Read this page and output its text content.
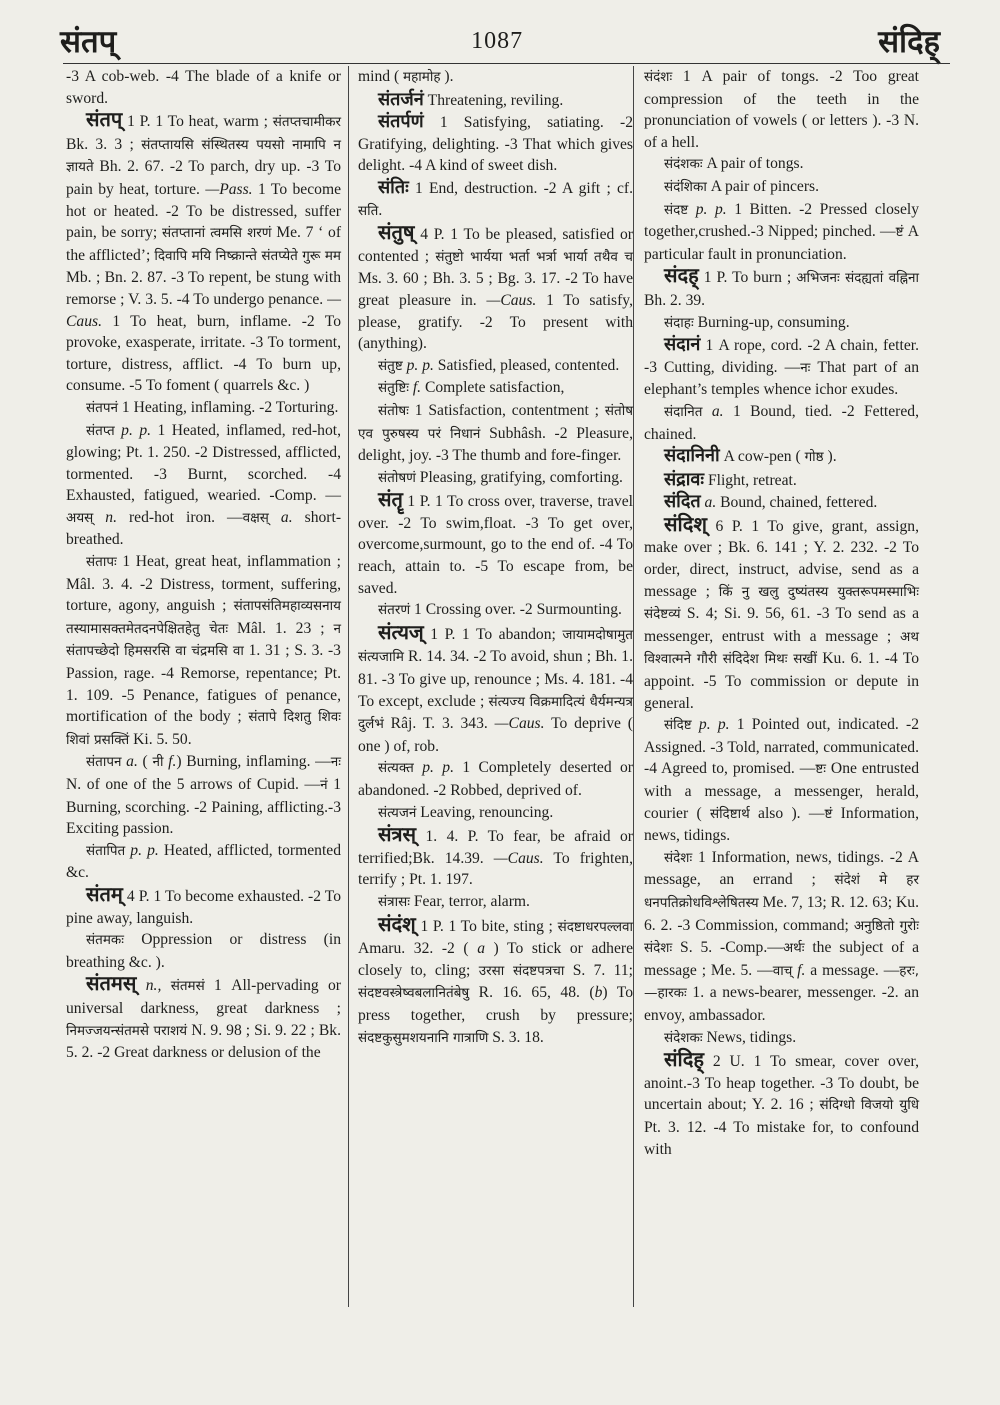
संतप्	1087	संदिह्

-3 A cob-web. -4 The blade of a knife or sword.

संतप् 1 P. 1 To heat, warm ; संतप्तचामीकर Bk. 3. 3 ; संतप्तायसि संस्थितस्य पयसो नामापि न ज्ञायते Bh. 2. 67. -2 To parch, dry up. -3 To pain by heat, torture. —Pass. 1 To become hot or heated. -2 To be distressed, suffer pain, be sorry; संतप्तानां त्वमसि शरणं Me. 7 ‘ of the afflicted’; दिवापि मयि निष्क्रान्ते संतप्येते गुरू मम Mb. ; Bn. 2. 87. -3 To repent, be stung with remorse ; V. 3. 5. -4 To undergo penance. —Caus. 1 To heat, burn, inflame. -2 To provoke, exasperate, irritate. -3 To torment, torture, distress, afflict. -4 To burn up, consume. -5 To foment ( quarrels &c. )

संतपनं 1 Heating, inflaming. -2 Torturing.

संतप्त p. p. 1 Heated, inflamed, red-hot, glowing; Pt. 1. 250. -2 Distressed, afflicted, tormented. -3 Burnt, scorched. -4 Exhausted, fatigued, wearied. -Comp. —अयस् n. red-hot iron. —वक्षस् a. short-breathed.

संतापः 1 Heat, great heat, inflammation ; Mâl. 3. 4. -2 Distress, torment, suffering, torture, agony, anguish ; संतापसंतिमहाव्यसनाय तस्यामासक्तमेतदनपेक्षितहेतु चेतः Mâl. 1. 23 ; न संतापच्छेदो हिमसरसि वा चंद्रमसि वा 1. 31 ; S. 3. -3 Passion, rage. -4 Remorse, repentance; Pt. 1. 109. -5 Penance, fatigues of penance, mortification of the body ; संतापे दिशतु शिवः शिवां प्रसक्तिं Ki. 5. 50.

संतापन a. ( नी f.) Burning, inflaming. —नः N. of one of the 5 arrows of Cupid. —नं 1 Burning, scorching. -2 Paining, afflicting.-3 Exciting passion.

संतापित p. p. Heated, afflicted, tormented &c.

संतम् 4 P. 1 To become exhausted. -2 To pine away, languish.

संतमकः Oppression or distress (in breathing &c. ).

संतमस् n., संतमसं 1 All-pervading or universal darkness, great darkness ; निमज्जयन्संतमसे पराशयं N. 9. 98 ; Si. 9. 22 ; Bk. 5. 2. -2 Great darkness or delusion of the

mind ( महामोह ).

संतर्जनं Threatening, reviling.

संतर्पणं 1 Satisfying, satiating. -2 Gratifying, delighting. -3 That which gives delight. -4 A kind of sweet dish.

संतिः 1 End, destruction. -2 A gift ; cf. सति.

संतुष् 4 P. 1 To be pleased, satisfied or contented ; संतुष्टो भार्यया भर्ता भर्त्रा भार्या तथैव च Ms. 3. 60 ; Bh. 3. 5 ; Bg. 3. 17. -2 To have great pleasure in. —Caus. 1 To satisfy, please, gratify. -2 To present with (anything).

संतुष्ट p. p. Satisfied, pleased, contented.

संतुष्टिः f. Complete satisfaction,

संतोषः 1 Satisfaction, contentment ; संतोष एव पुरुषस्य परं निधानं Subhâsh. -2 Pleasure, delight, joy. -3 The thumb and fore-finger.

संतोषणं Pleasing, gratifying, comforting.

संतॄ 1 P. 1 To cross over, traverse, travel over. -2 To swim,float. -3 To get over, overcome,surmount, go to the end of. -4 To reach, attain to. -5 To escape from, be saved.

संतरणं 1 Crossing over. -2 Surmounting.

संत्यज् 1 P. 1 To abandon; जायामदोषामुत संत्यजामि R. 14. 34. -2 To avoid, shun ; Bh. 1. 81. -3 To give up, renounce ; Ms. 4. 181. -4 To except, exclude ; संत्यज्य विक्रमादित्यं धैर्यमन्यत्र दुर्लभं Râj. T. 3. 343. —Caus. To deprive ( one ) of, rob.

संत्यक्त p. p. 1 Completely deserted or abandoned. -2 Robbed, deprived of.

संत्यजनं Leaving, renouncing.

संत्रस् 1. 4. P. To fear, be afraid or terrified;Bk. 14.39. —Caus. To frighten, terrify ; Pt. 1. 197.

संत्रासः Fear, terror, alarm.

संदंश् 1 P. 1 To bite, sting ; संदष्टाधरपल्लवा Amaru. 32. -2 ( a ) To stick or adhere closely to, cling; उरसा संदष्टपत्रचा S. 7. 11; संदष्टवस्त्रेष्वबलानितंबेषु R. 16. 65, 48. (b) To press together, crush by pressure; संदष्टकुसुमशयनानि गात्राणि S. 3. 18.

संदंशः 1 A pair of tongs. -2 Too great compression of the teeth in the pronunciation of vowels ( or letters ). -3 N. of a hell.

संदंशकः A pair of tongs.

संदंशिका A pair of pincers.

संदष्ट p. p. 1 Bitten. -2 Pressed closely together,crushed.-3 Nipped; pinched. —ष्टं A particular fault in pronunciation.

संदह् 1 P. To burn ; अभिजनः संदह्यतां वह्निना Bh. 2. 39.

संदाहः Burning-up, consuming.

संदानं 1 A rope, cord. -2 A chain, fetter. -3 Cutting, dividing. —नः That part of an elephant’s temples whence ichor exudes.

संदानित a. 1 Bound, tied. -2 Fettered, chained.

संदानिनी A cow-pen ( गोष्ठ ).

संद्रावः Flight, retreat.

संदित a. Bound, chained, fettered.

संदिश् 6 P. 1 To give, grant, assign, make over ; Bk. 6. 141 ; Y. 2. 232. -2 To order, direct, instruct, advise, send as a message ; किं नु खलु दुष्यंतस्य युक्तरूपमस्माभिः संदेष्टव्यं S. 4; Si. 9. 56, 61. -3 To send as a messenger, entrust with a message ; अथ विश्वात्मने गौरी संदिदेश मिथः सखीं Ku. 6. 1. -4 To appoint. -5 To commission or depute in general.

संदिष्ट p. p. 1 Pointed out, indicated. -2 Assigned. -3 Told, narrated, communicated. -4 Agreed to, promised. —ष्टः One entrusted with a message, a messenger, herald, courier ( संदिष्टार्थ also ). —ष्टं Information, news, tidings.

संदेशः 1 Information, news, tidings. -2 A message, an errand ; संदेशं मे हर धनपतिक्रोधविश्लेषितस्य Me. 7, 13; R. 12. 63; Ku. 6. 2. -3 Commission, command; अनुष्ठितो गुरोः संदेशः S. 5. -Comp.—अर्थः the subject of a message ; Me. 5. —वाच् f. a message. —हरः, —हारकः 1. a news-bearer, messenger. -2. an envoy, ambassador.

संदेशकः News, tidings.

संदिह् 2 U. 1 To smear, cover over, anoint.-3 To heap together. -3 To doubt, be uncertain about; Y. 2. 16 ; संदिग्धो विजयो युधि Pt. 3. 12. -4 To mistake for, to confound with
